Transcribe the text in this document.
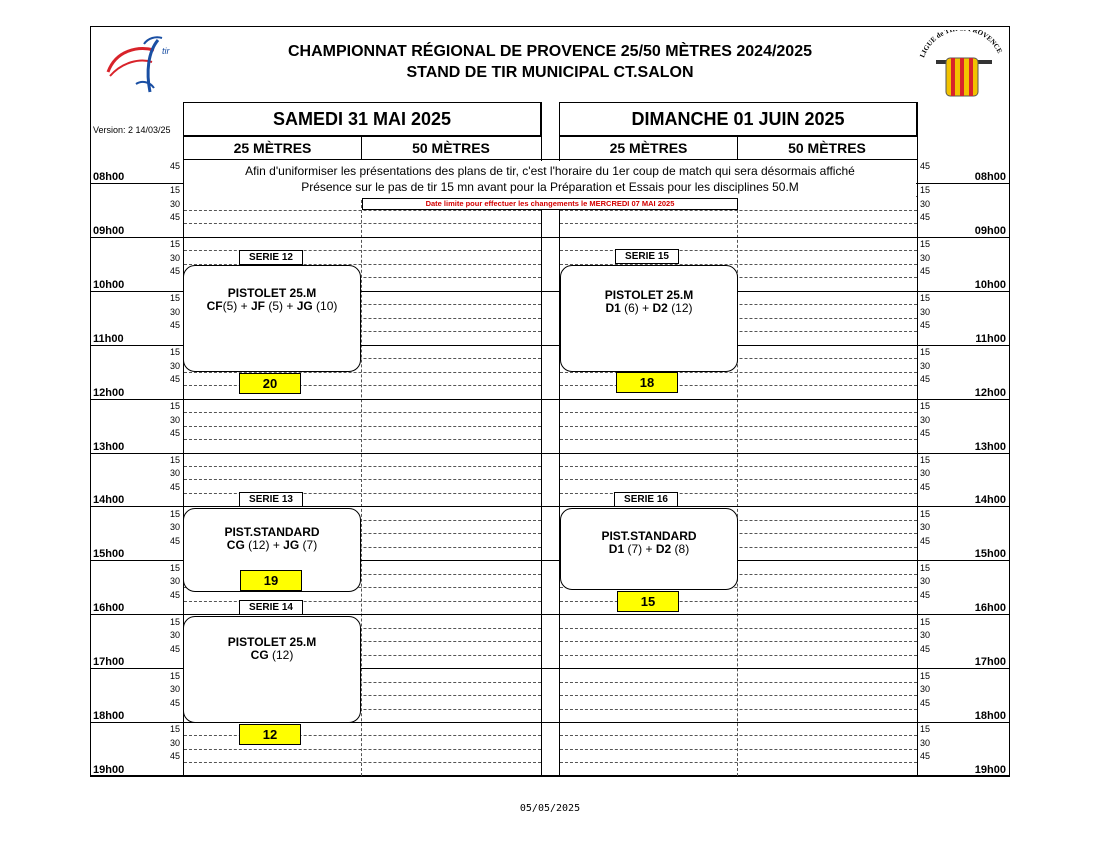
tir	LIGUE de TI ROVENCE
CHAMPIONNAT RÉGIONAL DE PROVENCE 25/50 MÈTRES 2024/2025
STAND DE TIR MUNICIPAL CT.SALON
Version: 2 14/03/25
08h00	08h00
15	15
30	30
45	45
09h00	09h00
15	15
30	30
45	45
10h00	10h00
15	15
30	30
45	45
11h00	11h00
15	15
30	30
45	45
12h00	12h00
15	15
30	30
45	45
13h00	13h00
15	15
30	30
45	45
14h00	14h00
15	15
30	30
45	45
15h00	15h00
15	15
30	30
45	45
16h00	16h00
15	15
30	30
45	45
17h00	17h00
15	15
30	30
45	45
18h00	18h00
15	15
30	30
45	45
19h00	19h00
45	45
SAMEDI 31 MAI 2025	DIMANCHE 01 JUIN 2025
25 MÈTRES	50 MÈTRES	25 MÈTRES	50 MÈTRES
Afin d'uniformiser les présentations des plans de tir, c'est l'horaire du 1er coup de match qui sera désormais affiché
Présence sur le pas de tir 15 mn avant pour la Préparation et Essais pour les disciplines 50.M
Date limite pour effectuer les changements le MERCREDI 07 MAI 2025
SERIE 12
PISTOLET 25.M
CF(5) + JF (5) + JG (10)
20
SERIE 15
PISTOLET 25.M
D1 (6) + D2 (12)
18
SERIE 13
PIST.STANDARD
CG (12) + JG (7)
19
SERIE 16
PIST.STANDARD
D1 (7) + D2 (8)
15
SERIE 14
PISTOLET 25.M
CG (12)
12
05/05/2025
